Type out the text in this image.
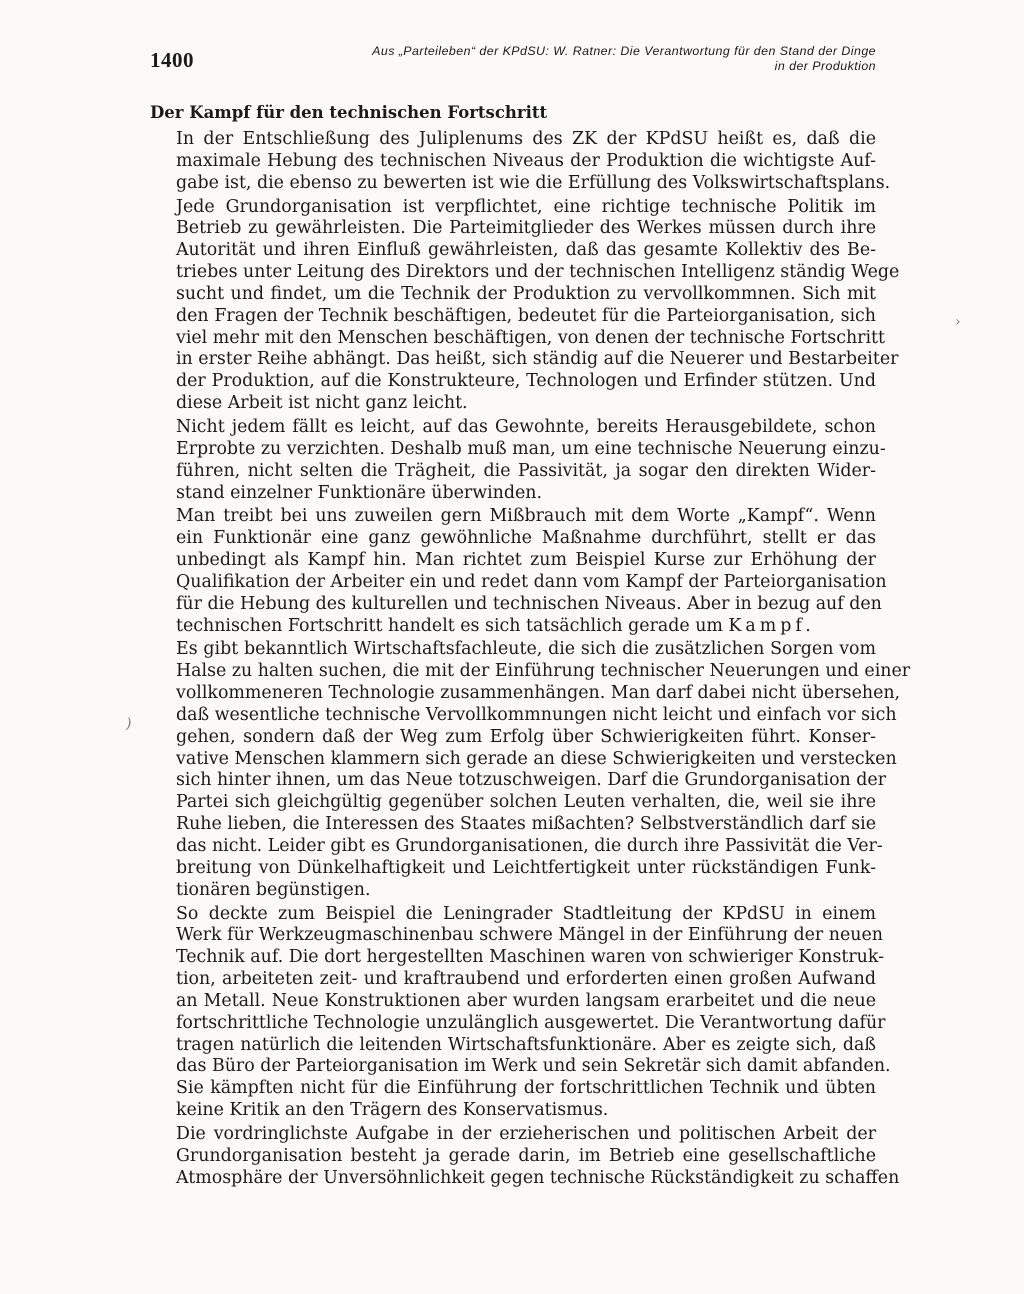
1400	Aus „Parteileben“ der KPdSU: W. Ratner: Die Verantwortung für den Stand der Dinge
in der Produktion
Der Kampf für den technischen Fortschritt
›
)
In der Entschließung des Juliplenums des ZK der KPdSU heißt es, daß die
maximale Hebung des technischen Niveaus der Produktion die wichtigste Auf-
gabe ist, die ebenso zu bewerten ist wie die Erfüllung des Volkswirtschaftsplans.
Jede Grundorganisation ist verpflichtet, eine richtige technische Politik im
Betrieb zu gewährleisten. Die Parteimitglieder des Werkes müssen durch ihre
Autorität und ihren Einfluß gewährleisten, daß das gesamte Kollektiv des Be-
triebes unter Leitung des Direktors und der technischen Intelligenz ständig Wege
sucht und findet, um die Technik der Produktion zu vervollkommnen. Sich mit
den Fragen der Technik beschäftigen, bedeutet für die Parteiorganisation, sich
viel mehr mit den Menschen beschäftigen, von denen der technische Fortschritt
in erster Reihe abhängt. Das heißt, sich ständig auf die Neuerer und Bestarbeiter
der Produktion, auf die Konstrukteure, Technologen und Erfinder stützen. Und
diese Arbeit ist nicht ganz leicht.
Nicht jedem fällt es leicht, auf das Gewohnte, bereits Herausgebildete, schon
Erprobte zu verzichten. Deshalb muß man, um eine technische Neuerung einzu-
führen, nicht selten die Trägheit, die Passivität, ja sogar den direkten Wider-
stand einzelner Funktionäre überwinden.
Man treibt bei uns zuweilen gern Mißbrauch mit dem Worte „Kampf“. Wenn
ein Funktionär eine ganz gewöhnliche Maßnahme durchführt, stellt er das
unbedingt als Kampf hin. Man richtet zum Beispiel Kurse zur Erhöhung der
Qualifikation der Arbeiter ein und redet dann vom Kampf der Parteiorganisation
für die Hebung des kulturellen und technischen Niveaus. Aber in bezug auf den
technischen Fortschritt handelt es sich tatsächlich gerade um Kampf.
Es gibt bekanntlich Wirtschaftsfachleute, die sich die zusätzlichen Sorgen vom
Halse zu halten suchen, die mit der Einführung technischer Neuerungen und einer
vollkommeneren Technologie zusammenhängen. Man darf dabei nicht übersehen,
daß wesentliche technische Vervollkommnungen nicht leicht und einfach vor sich
gehen, sondern daß der Weg zum Erfolg über Schwierigkeiten führt. Konser-
vative Menschen klammern sich gerade an diese Schwierigkeiten und verstecken
sich hinter ihnen, um das Neue totzuschweigen. Darf die Grundorganisation der
Partei sich gleichgültig gegenüber solchen Leuten verhalten, die, weil sie ihre
Ruhe lieben, die Interessen des Staates mißachten? Selbstverständlich darf sie
das nicht. Leider gibt es Grundorganisationen, die durch ihre Passivität die Ver-
breitung von Dünkelhaftigkeit und Leichtfertigkeit unter rückständigen Funk-
tionären begünstigen.
So deckte zum Beispiel die Leningrader Stadtleitung der KPdSU in einem
Werk für Werkzeugmaschinenbau schwere Mängel in der Einführung der neuen
Technik auf. Die dort hergestellten Maschinen waren von schwieriger Konstruk-
tion, arbeiteten zeit- und kraftraubend und erforderten einen großen Aufwand
an Metall. Neue Konstruktionen aber wurden langsam erarbeitet und die neue
fortschrittliche Technologie unzulänglich ausgewertet. Die Verantwortung dafür
tragen natürlich die leitenden Wirtschaftsfunktionäre. Aber es zeigte sich, daß
das Büro der Parteiorganisation im Werk und sein Sekretär sich damit abfanden.
Sie kämpften nicht für die Einführung der fortschrittlichen Technik und übten
keine Kritik an den Trägern des Konservatismus.
Die vordringlichste Aufgabe in der erzieherischen und politischen Arbeit der
Grundorganisation besteht ja gerade darin, im Betrieb eine gesellschaftliche
Atmosphäre der Unversöhnlichkeit gegen technische Rückständigkeit zu schaffen
